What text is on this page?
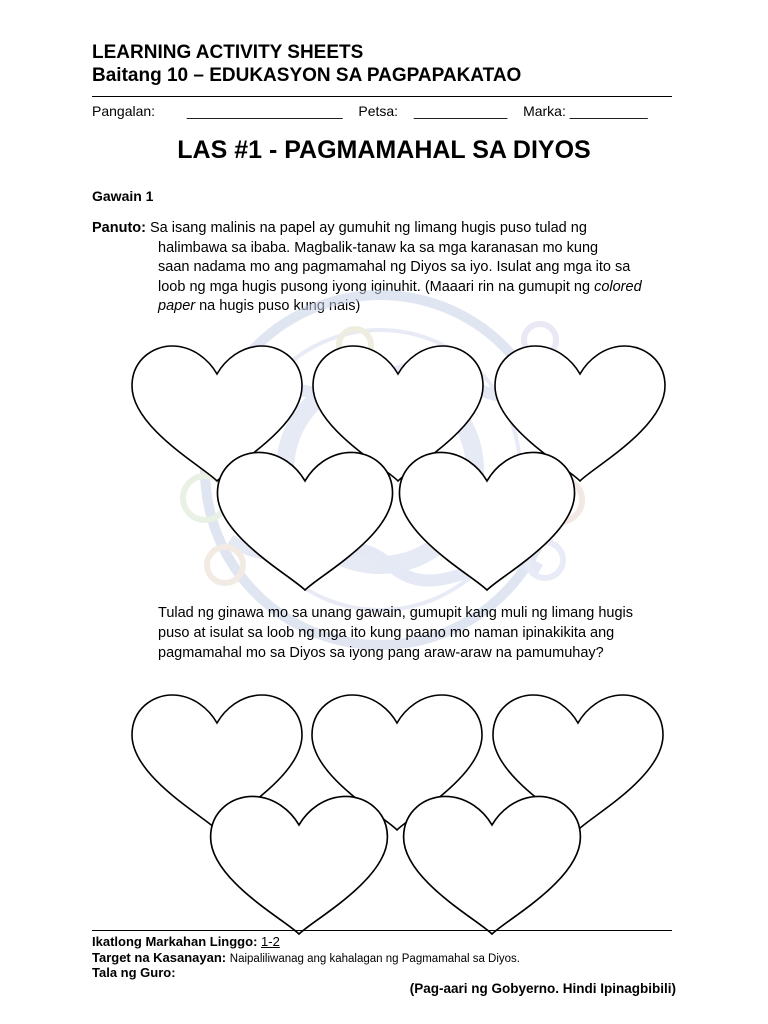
LEARNING ACTIVITY SHEETS
Baitang 10 – EDUKASYON SA PAGPAPAKATAO
Pangalan: ____________________ Petsa: ____________ Marka: __________
LAS #1 - PAGMAMAHAL SA DIYOS
Gawain 1
Panuto: Sa isang malinis na papel ay gumuhit ng limang hugis puso tulad ng
halimbawa sa ibaba. Magbalik-tanaw ka sa mga karanasan mo kung
saan nadama mo ang pagmamahal ng Diyos sa iyo. Isulat ang mga ito sa
loob ng mga hugis pusong iyong iginuhit. (Maaari rin na gumupit ng colored
paper na hugis puso kung nais)
Tulad ng ginawa mo sa unang gawain, gumupit kang muli ng limang hugis
puso at isulat sa loob ng mga ito kung paano mo naman ipinakikita ang
pagmamahal mo sa Diyos sa iyong pang araw-araw na pamumuhay?
Ikatlong Markahan Linggo: 1-2
Target na Kasanayan: Naipaliliwanag ang kahalagan ng Pagmamahal sa Diyos.
Tala ng Guro:
(Pag-aari ng Gobyerno. Hindi Ipinagbibili)
